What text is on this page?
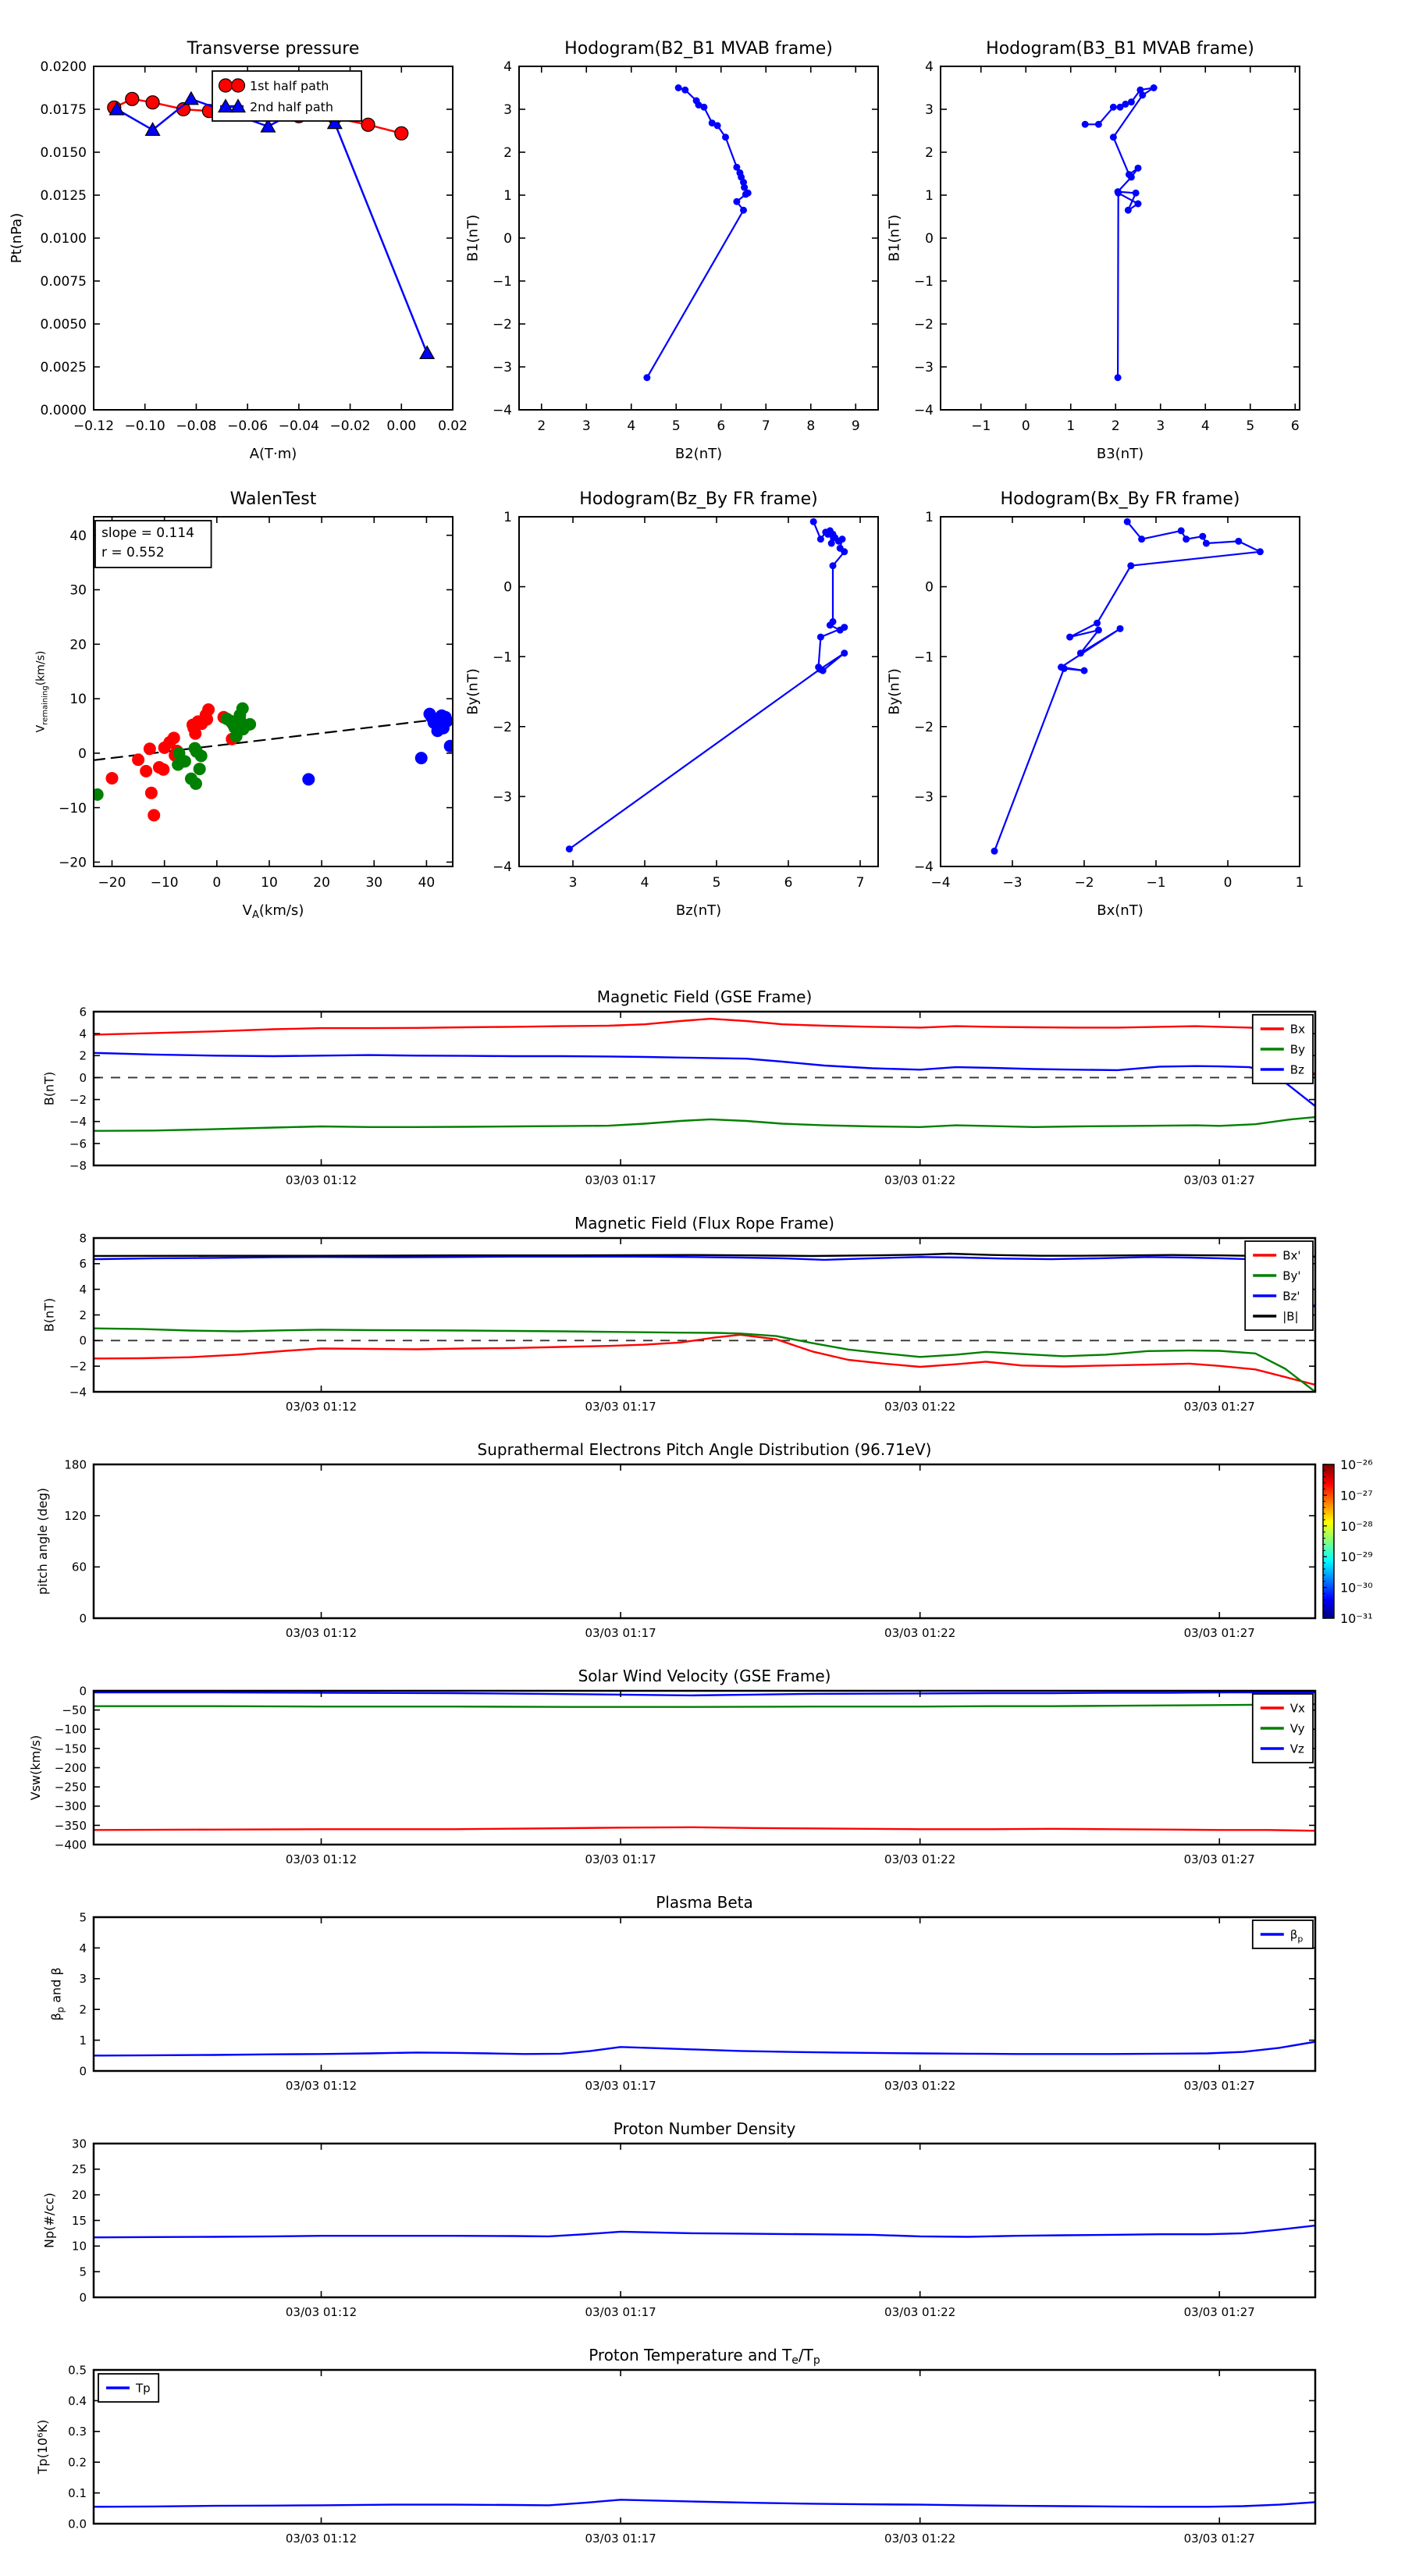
−0.12 −0.10 −0.08 −0.06 −0.04 −0.02 0.00 0.02
0.0000
0.0025
0.0050
0.0075
0.0100
0.0125
0.0150
0.0175
0.0200
Transverse pressure
A(T·m)
Pt(nPa)
1st half path
2nd half path
2	3	4	5	6	7	8	9
−4
−3
−2
−1
0
1
2
3
4
Hodogram(B2_B1 MVAB frame)
B2(nT)
B1(nT)
−1 0	1	2	3	4	5	6
−4
−3
−2
−1
0
1
2
3
4
Hodogram(B3_B1 MVAB frame)
B3(nT)
B1(nT)
−20 −10	0	10	20	30	40
−20
−10
0
10
20
30
40
WalenTest
$V_A(km/s)$
$V_{remaining}(km/s)$
slope = 0.114
r = 0.552
3	4	5	6	7
−4
−3
−2
−1
0
1
Hodogram(Bz_By FR frame)
Bz(nT)
By(nT)
−4	−3	−2	−1	0	1
−4
−3
−2
−1
0
1
Hodogram(Bx_By FR frame)
Bx(nT)
By(nT)
03/03 01:12	03/03 01:17	03/03 01:22	03/03 01:27
−8
−6
−4
−2
0
2
4
6
Magnetic Field (GSE Frame)
B(nT)
Bx
By
Bz
03/03 01:12	03/03 01:17	03/03 01:22	03/03 01:27
−4
−2
0
2
4
6
8
Magnetic Field (Flux Rope Frame)
B(nT)
Bx'
By'
Bz'
|B|
03/03 01:12	03/03 01:17	03/03 01:22	03/03 01:27
0
60
120
180
Suprathermal Electrons Pitch Angle Distribution (96.71eV)
pitch angle (deg)
10⁻²⁶
10⁻²⁷
10⁻²⁸
10⁻²⁹
10⁻³⁰
10⁻³¹
03/03 01:12	03/03 01:17	03/03 01:22	03/03 01:27
−400
−350
−300
−250
−200
−150
−100
−50
0
Solar Wind Velocity (GSE Frame)
Vsw(km/s)
Vx
Vy
Vz
03/03 01:12	03/03 01:17	03/03 01:22	03/03 01:27
0
1
2
3
4
5
Plasma Beta
$\beta_p$ and β
$\beta_p$
03/03 01:12	03/03 01:17	03/03 01:22	03/03 01:27
0
5
10
15
20
25
30
Proton Number Density
Np(#/cc)
03/03 01:12	03/03 01:17	03/03 01:22	03/03 01:27
0.0
0.1
0.2
0.3
0.4
0.5
Proton Temperature and $T_e/T_p$
Tp(10⁶K)
Tp
